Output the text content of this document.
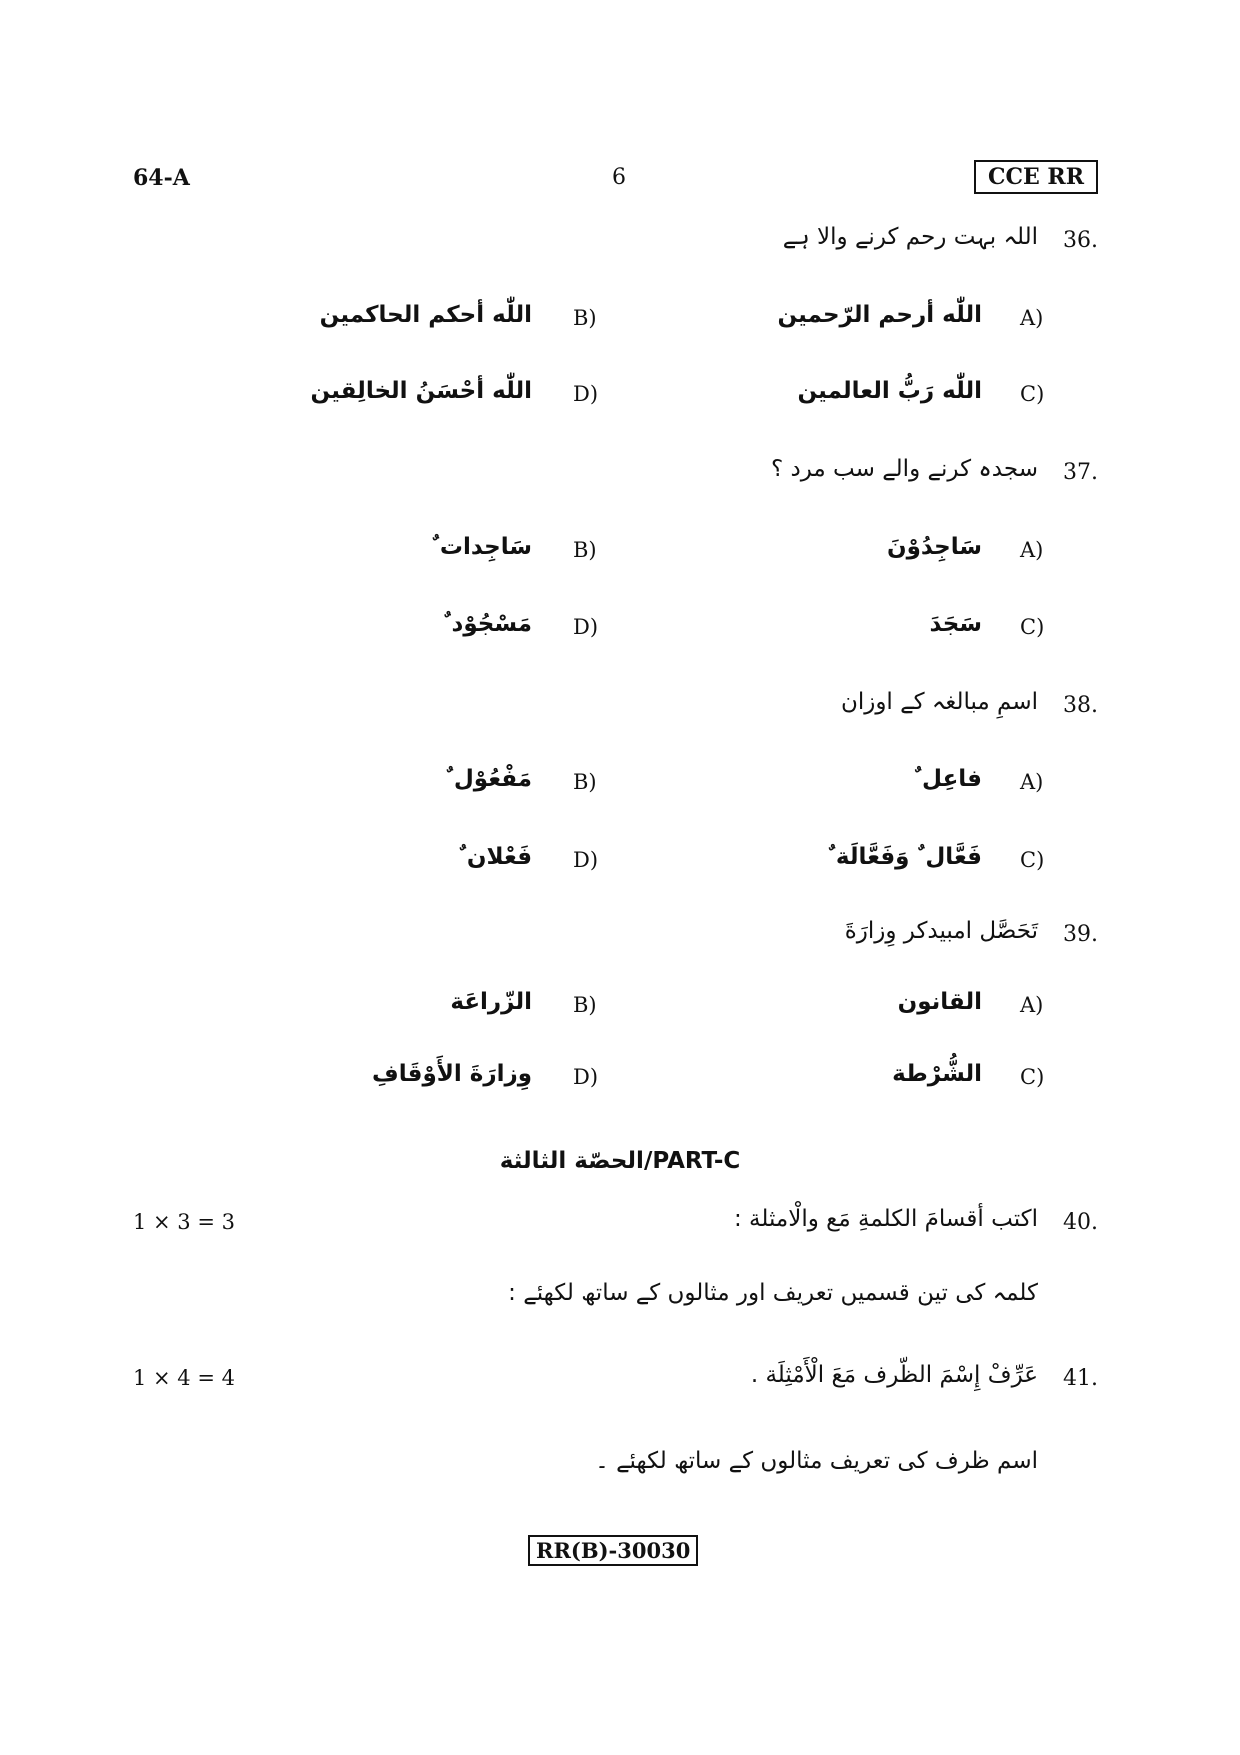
64-A	6	CCE RR
36.
اللہ بہت رحم کرنے والا ہے
A)
اللّٰه أرحم الرّحمين
B)
اللّٰه أحكم الحاكمين
C)
اللّٰه رَبُّ العالمين
D)
اللّٰه أحْسَنُ الخالِقين
37.
سجدہ کرنے والے سب مرد ؟
A)
سَاجِدُوْنَ
B)
سَاجِدات ٌ
C)
سَجَدَ
D)
مَسْجُوْد ٌ
38.
اسمِ مبالغہ کے اوزان
A)
فاعِل ٌ
B)
مَفْعُوْل ٌ
C)
فَعَّال ٌ وَفَعَّالَة ٌ
D)
فَعْلان ٌ
39.
تَحَصَّل امبيدكر وِزارَةَ
A)
القانون
B)
الزّراعَة
C)
الشُّرْطة
D)
وِزارَةَ الأَوْقَافِ
الحصّة الثالثة/PART-C
40.
اكتب أقسامَ الكلمةِ مَع والْامثلة :
1 × 3 = 3
کلمہ کی تین قسمیں تعریف اور مثالوں کے ساتھ لکھئے :
41.
عَرِّفْ إِسْمَ الظّرف مَعَ الْأَمْثِلَة .
1 × 4 = 4
اسم ظرف کی تعریف مثالوں کے ساتھ لکھئے ۔
RR(B)-30030
